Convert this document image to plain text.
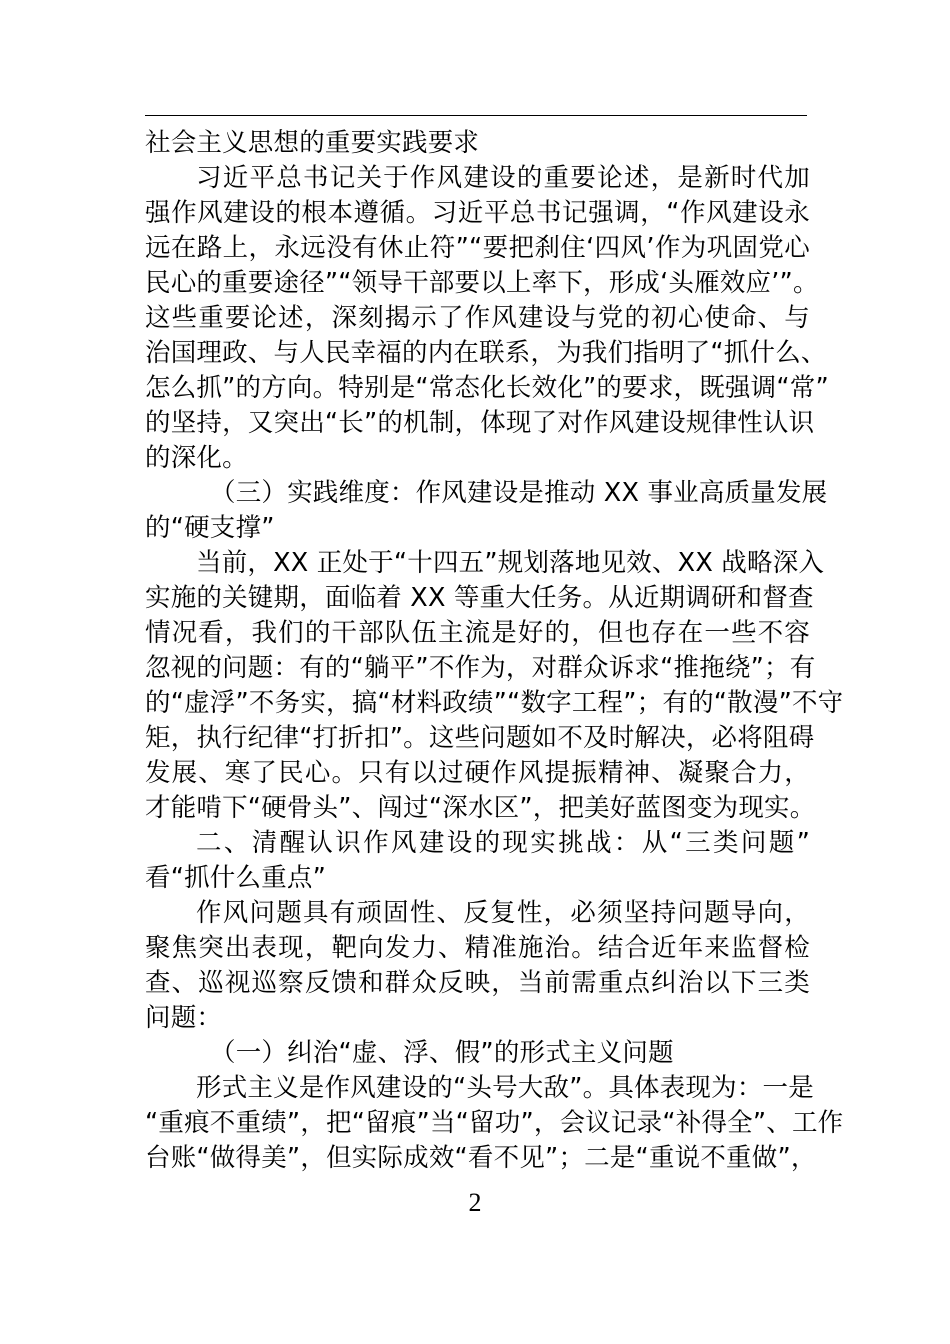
社会主义思想的重要实践要求
习近平总书记关于作风建设的重要论述，是新时代加
强作风建设的根本遵循。习近平总书记强调，“作风建设永
远在路上，永远没有休止符”“要把刹住‘四风’作为巩固党心
民心的重要途径”“领导干部要以上率下，形成‘头雁效应’”。
这些重要论述，深刻揭示了作风建设与党的初心使命、与
治国理政、与人民幸福的内在联系，为我们指明了“抓什么、
怎么抓”的方向。特别是“常态化长效化”的要求，既强调“常”
的坚持，又突出“长”的机制，体现了对作风建设规律性认识
的深化。
（三）实践维度：作风建设是推动 XX 事业高质量发展
的“硬支撑”
当前，XX 正处于“十四五”规划落地见效、XX 战略深入
实施的关键期，面临着 XX 等重大任务。从近期调研和督查
情况看，我们的干部队伍主流是好的，但也存在一些不容
忽视的问题：有的“躺平”不作为，对群众诉求“推拖绕”；有
的“虚浮”不务实，搞“材料政绩”“数字工程”；有的“散漫”不守
矩，执行纪律“打折扣”。这些问题如不及时解决，必将阻碍
发展、寒了民心。只有以过硬作风提振精神、凝聚合力，
才能啃下“硬骨头”、闯过“深水区”，把美好蓝图变为现实。
二、清醒认识作风建设的现实挑战：从“三类问题”
看“抓什么重点”
作风问题具有顽固性、反复性，必须坚持问题导向，
聚焦突出表现，靶向发力、精准施治。结合近年来监督检
查、巡视巡察反馈和群众反映，当前需重点纠治以下三类
问题：
（一）纠治“虚、浮、假”的形式主义问题
形式主义是作风建设的“头号大敌”。具体表现为：一是
“重痕不重绩”，把“留痕”当“留功”，会议记录“补得全”、工作
台账“做得美”，但实际成效“看不见”；二是“重说不重做”，
2
